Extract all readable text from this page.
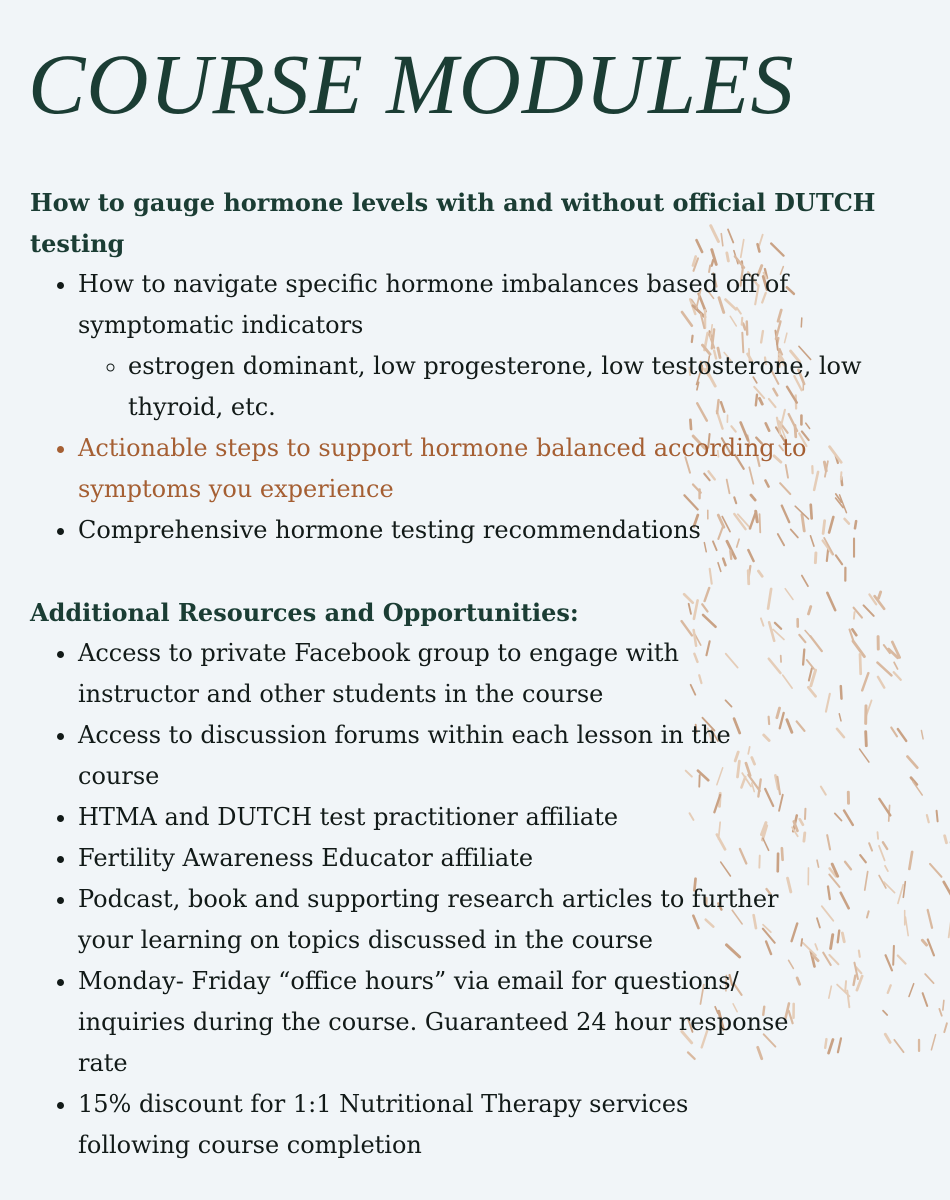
COURSE MODULES
How to gauge hormone levels with and without official DUTCH testing
• How to navigate specific hormone imbalances based off of symptomatic indicators
◦ estrogen dominant, low progesterone, low testosterone, low thyroid, etc.
• Actionable steps to support hormone balanced according to symptoms you experience
• Comprehensive hormone testing recommendations
Additional Resources and Opportunities:
• Access to private Facebook group to engage with instructor and other students in the course
• Access to discussion forums within each lesson in the course
• HTMA and DUTCH test practitioner affiliate
• Fertility Awareness Educator affiliate
• Podcast, book and supporting research articles to further your learning on topics discussed in the course
• Monday- Friday “office hours” via email for questions/ inquiries during the course. Guaranteed 24 hour response rate
• 15% discount for 1:1 Nutritional Therapy services following course completion
